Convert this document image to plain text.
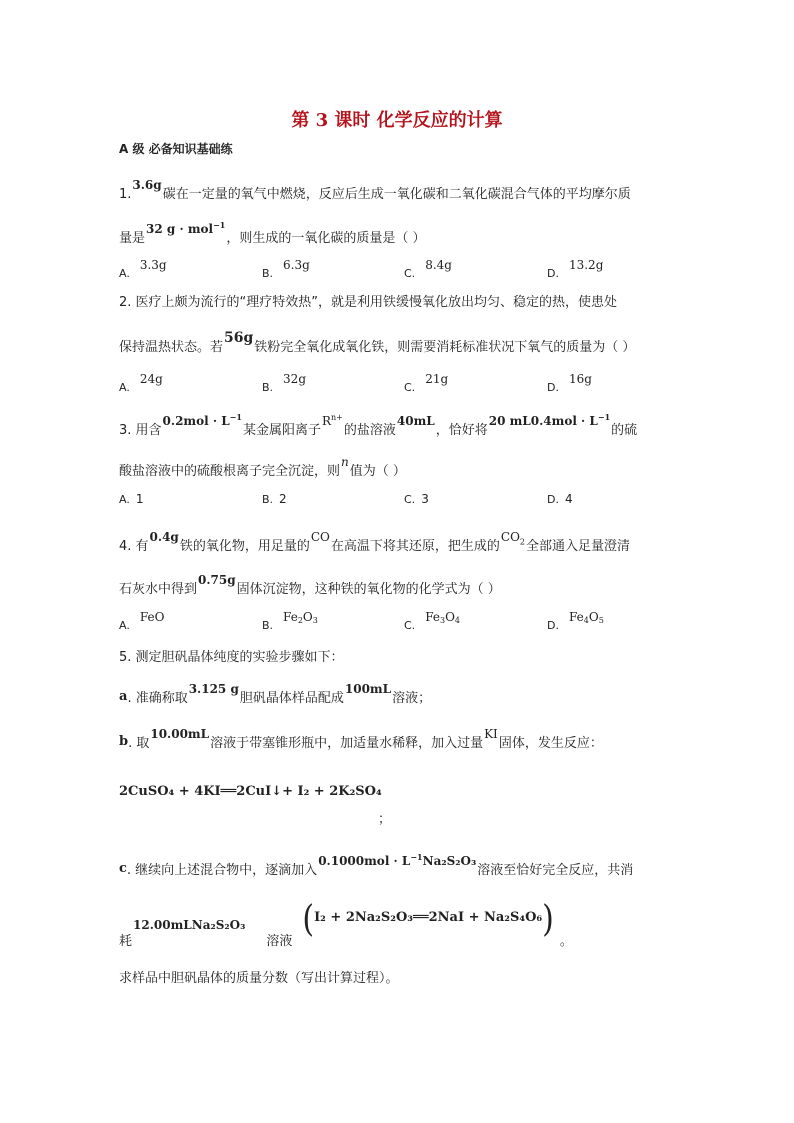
第 3 课时 化学反应的计算
A 级 必备知识基础练
1.3.6g碳在一定量的氧气中燃烧，反应后生成一氧化碳和二氧化碳混合气体的平均摩尔质
量是32 g · mol$^{-1}$，则生成的一氧化碳的质量是（ ）
A.3.3g
B.6.3g
C.8.4g
D.13.2g
2. 医疗上颇为流行的“理疗特效热”，就是利用铁缓慢氧化放出均匀、稳定的热，使患处
保持温热状态。若56g铁粉完全氧化成氧化铁，则需要消耗标准状况下氧气的质量为（ ）
A.24g
B.32g
C.21g
D.16g
3. 用含$0.2mol \cdot L^{-1}$某金属阳离子$R^{n+}$的盐溶液40mL，恰好将20 $mL0.4mol \cdot L^{-1}$的硫
酸盐溶液中的硫酸根离子完全沉淀，则n值为（ ）
A. 1	B. 2	C. 3	D. 4
4. 有0.4g铁的氧化物，用足量的CO在高温下将其还原，把生成的$CO_2$全部通入足量澄清
石灰水中得到0.75g固体沉淀物，这种铁的氧化物的化学式为（ ）
A.FeO
$B.Fe_2O_3$	$C.Fe_3O_4$	$D.Fe_4O_5$
5. 测定胆矾晶体纯度的实验步骤如下：
a. 准确称取3.125 g胆矾晶体样品配成100mL溶液；
b. 取10.00mL溶液于带塞锥形瓶中，加适量水稀释，加入过量KI固体，发生反应：
2CuSO₄ + 4KI══2CuI↓+ I₂ + 2K₂SO₄
；
c. 继续向上述混合物中，逐滴加入$0.1000mol \cdot L^{-1}Na_2S_2O_3$溶液至恰好完全反应，共消
耗12.00mLNa₂S₂O₃溶液(I₂ + 2Na₂S₂O₃══2NaI + Na₂S₄O₆)。
求样品中胆矾晶体的质量分数（写出计算过程）。
